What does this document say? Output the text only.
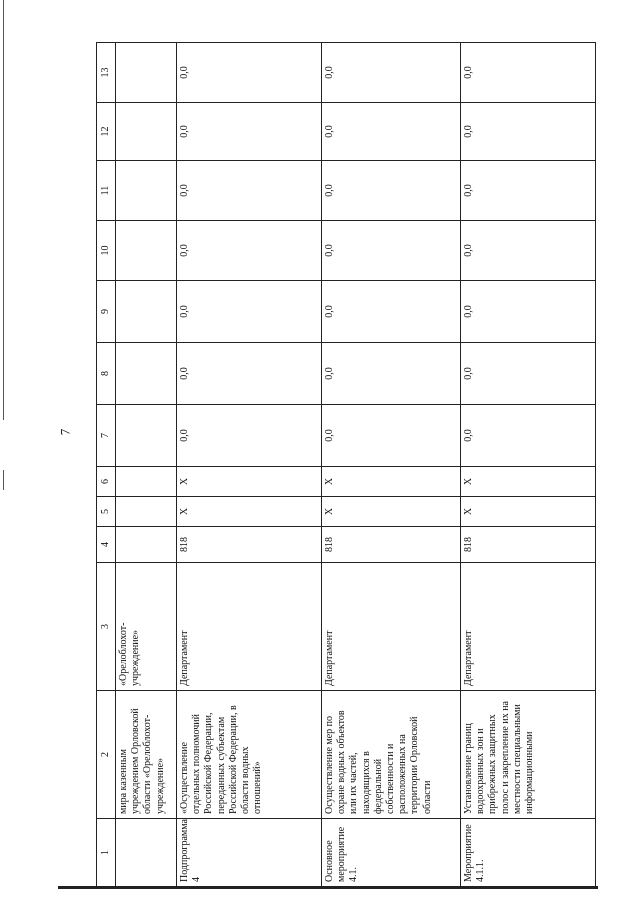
7
1	2	3	4	5	6	7	8	9	10	11	12	13
	мира казенным учреждением Орловской области «Орелоблохот-учреждение»	«Орелоблохот-учреждение»										
Подпрограмма 4	«Осуществление отдельных полномочий Российской Федерации, переданных субъектам Российской Федерации, в области водных отношений»	Департамент	818	Х	Х	0,0	0,0	0,0	0,0	0,0	0,0	0,0
Основное мероприятие 4.1.	Осуществление мер по охране водных объектов или их частей, находящихся в федеральной собственности и расположенных на территории Орловской области	Департамент	818	Х	Х	0,0	0,0	0,0	0,0	0,0	0,0	0,0
Мероприятие 4.1.1.	Установление границ водоохранных зон и прибрежных защитных полос и закрепление их на местности специальными информационными	Департамент	818	Х	Х	0,0	0,0	0,0	0,0	0,0	0,0	0,0
